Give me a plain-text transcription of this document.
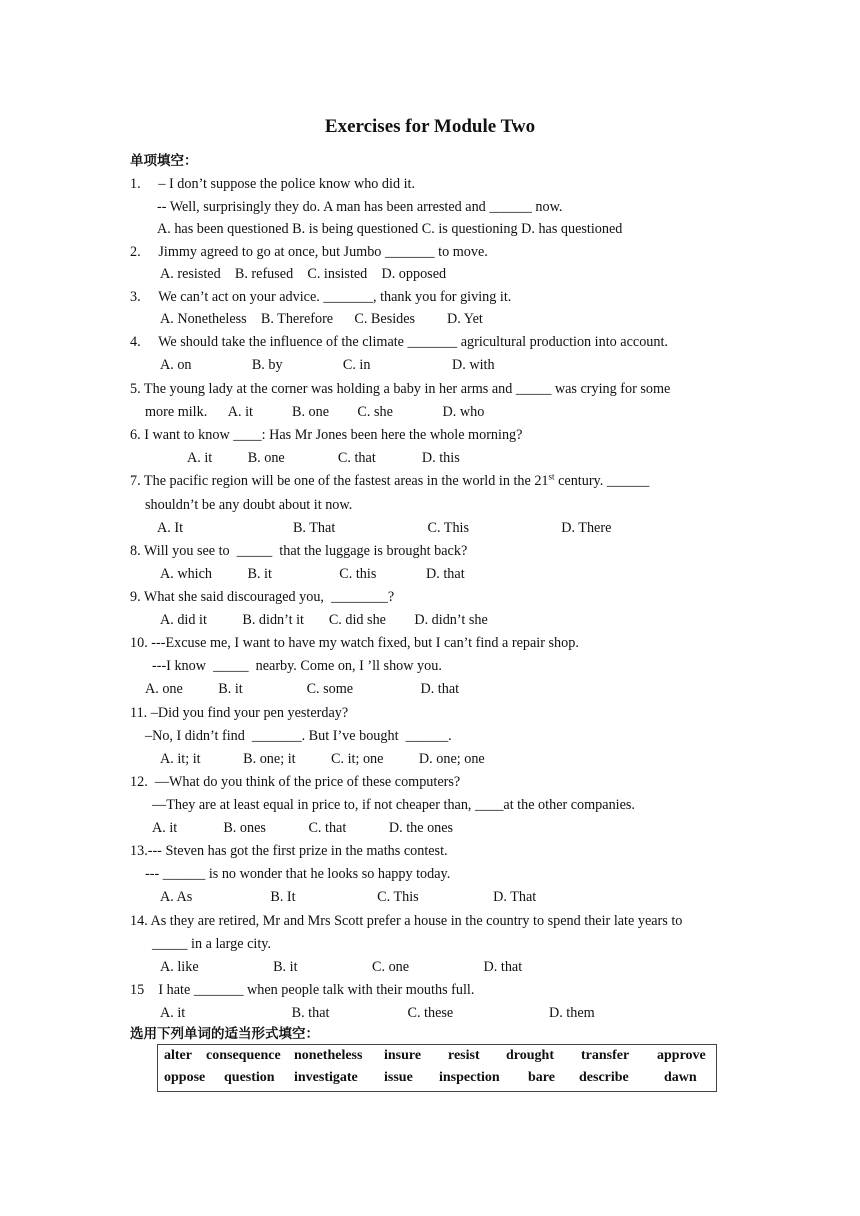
Exercises for Module Two
单项填空：
1.     – I don’t suppose the police know who did it.
-- Well, surprisingly they do. A man has been arrested and ______ now.
A. has been questioned B. is being questioned C. is questioning D. has questioned
2.     Jimmy agreed to go at once, but Jumbo _______ to move.
A. resisted    B. refused    C. insisted    D. opposed
3.     We can’t act on your advice. _______, thank you for giving it.
A. Nonetheless    B. Therefore      C. Besides         D. Yet
4.     We should take the influence of the climate _______ agricultural production into account.
A. on                 B. by                 C. in                       D. with
5. The young lady at the corner was holding a baby in her arms and _____ was crying for some
more milk.      A. it           B. one        C. she              D. who
6. I want to know ____: Has Mr Jones been here the whole morning?
A. it          B. one               C. that             D. this
7. The pacific region will be one of the fastest areas in the world in the 21st century. ______
shouldn’t be any doubt about it now.
A. It                               B. That                          C. This                          D. There
8. Will you see to  _____  that the luggage is brought back?
A. which          B. it                   C. this              D. that
9. What she said discouraged you,  ________?
A. did it          B. didn’t it       C. did she        D. didn’t she
10. ---Excuse me, I want to have my watch fixed, but I can’t find a repair shop.
---I know  _____  nearby. Come on, I ’ll show you.
A. one          B. it                  C. some                   D. that
11. –Did you find your pen yesterday?
–No, I didn’t find  _______. But I’ve bought  ______.
A. it; it            B. one; it          C. it; one          D. one; one
12.  —What do you think of the price of these computers?
—They are at least equal in price to, if not cheaper than, ____at the other companies.
A. it             B. ones            C. that            D. the ones
13.--- Steven has got the first prize in the maths contest.
--- ______ is no wonder that he looks so happy today.
A. As                      B. It                       C. This                     D. That
14. As they are retired, Mr and Mrs Scott prefer a house in the country to spend their late years to
_____ in a large city.
A. like                     B. it                     C. one                     D. that
15    I hate _______ when people talk with their mouths full.
A. it                              B. that                      C. these                           D. them
选用下列单词的适当形式填空：
alter consequence nonetheless insure resist drought transfer approve
oppose question investigate issue inspection bare describe	dawn
